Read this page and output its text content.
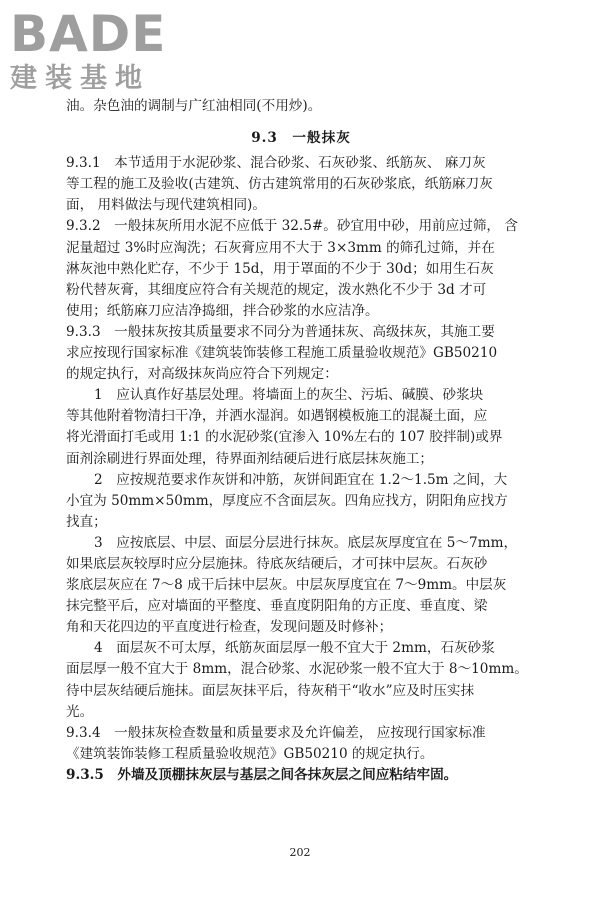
BADE
建装基地
油。杂色油的调制与广红油相同(不用炒)。
9.3　一般抹灰
9.3.1　本节适用于水泥砂浆、混合砂浆、石灰砂浆、纸筋灰、 麻刀灰
等工程的施工及验收(古建筑、仿古建筑常用的石灰砂浆底，纸筋麻刀灰
面， 用料做法与现代建筑相同)。
9.3.2　一般抹灰所用水泥不应低于 32.5#。砂宜用中砂，用前应过筛， 含
泥量超过 3%时应淘洗；石灰膏应用不大于 3×3mm 的筛孔过筛，并在
淋灰池中熟化贮存，不少于 15d，用于罩面的不少于 30d；如用生石灰
粉代替灰膏，其细度应符合有关规范的规定，泼水熟化不少于 3d 才可
使用；纸筋麻刀应洁净捣细，拌合砂浆的水应洁净。
9.3.3　一般抹灰按其质量要求不同分为普通抹灰、高级抹灰，其施工要
求应按现行国家标准《建筑装饰装修工程施工质量验收规范》GB50210
的规定执行，对高级抹灰尚应符合下列规定：
1　应认真作好基层处理。将墙面上的灰尘、污垢、碱膜、砂浆块
等其他附着物清扫干净，并洒水湿润。如遇钢模板施工的混凝土面，应
将光滑面打毛或用 1:1 的水泥砂浆(宜渗入 10%左右的 107 胶拌制)或界
面剂涂刷进行界面处理，待界面剂结硬后进行底层抹灰施工；
2　应按规范要求作灰饼和冲筋，灰饼间距宜在 1.2～1.5m 之间，大
小宜为 50mm×50mm，厚度应不含面层灰。四角应找方，阴阳角应找方
找直；
3　应按底层、中层、面层分层进行抹灰。底层灰厚度宜在 5～7mm，
如果底层灰较厚时应分层施抹。待底灰结硬后，才可抹中层灰。石灰砂
浆底层灰应在 7～8 成干后抹中层灰。中层灰厚度宜在 7～9mm。中层灰
抹完整平后，应对墙面的平整度、垂直度阴阳角的方正度、垂直度、梁
角和天花四边的平直度进行检查，发现问题及时修补；
4　面层灰不可太厚，纸筋灰面层厚一般不宜大于 2mm，石灰砂浆
面层厚一般不宜大于 8mm，混合砂浆、水泥砂浆一般不宜大于 8～10mm。
待中层灰结硬后施抹。面层灰抹平后，待灰稍干“收水”应及时压实抹
光。
9.3.4　一般抹灰检查数量和质量要求及允许偏差， 应按现行国家标准
《建筑装饰装修工程质量验收规范》GB50210 的规定执行。
9.3.5　外墙及顶棚抹灰层与基层之间各抹灰层之间应粘结牢固。
202
